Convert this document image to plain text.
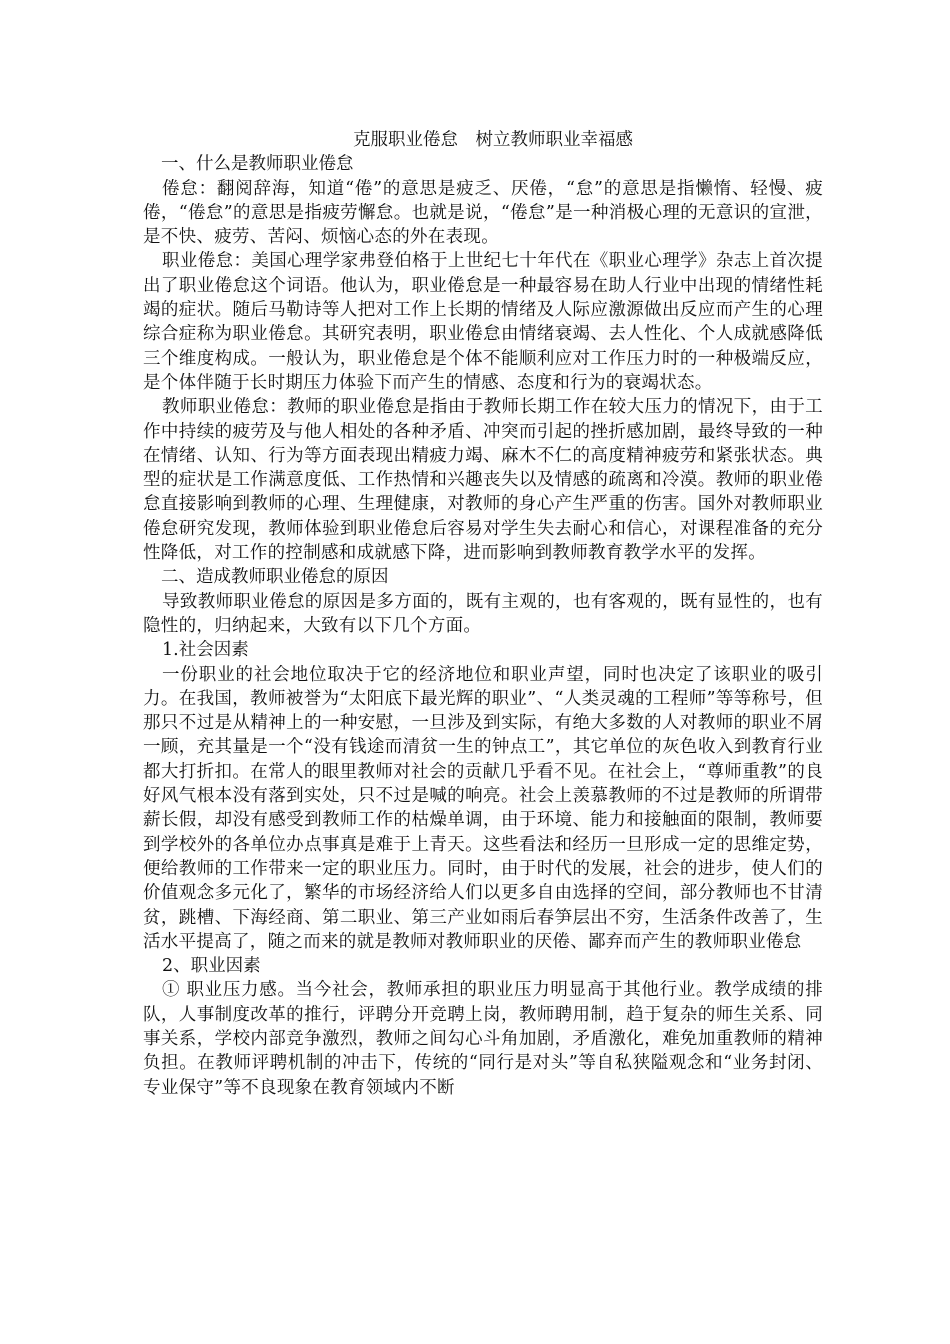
克服职业倦怠　树立教师职业幸福感

一、什么是教师职业倦怠

倦怠：翻阅辞海，知道“倦”的意思是疲乏、厌倦，“怠”的意思是指懒惰、轻慢、疲倦，“倦怠”的意思是指疲劳懈怠。也就是说，“倦怠”是一种消极心理的无意识的宣泄，是不快、疲劳、苦闷、烦恼心态的外在表现。

职业倦怠：美国心理学家弗登伯格于上世纪七十年代在《职业心理学》杂志上首次提出了职业倦怠这个词语。他认为，职业倦怠是一种最容易在助人行业中出现的情绪性耗竭的症状。随后马勒诗等人把对工作上长期的情绪及人际应激源做出反应而产生的心理综合症称为职业倦怠。其研究表明，职业倦怠由情绪衰竭、去人性化、个人成就感降低三个维度构成。一般认为，职业倦怠是个体不能顺利应对工作压力时的一种极端反应，是个体伴随于长时期压力体验下而产生的情感、态度和行为的衰竭状态。

教师职业倦怠：教师的职业倦怠是指由于教师长期工作在较大压力的情况下，由于工作中持续的疲劳及与他人相处的各种矛盾、冲突而引起的挫折感加剧，最终导致的一种在情绪、认知、行为等方面表现出精疲力竭、麻木不仁的高度精神疲劳和紧张状态。典型的症状是工作满意度低、工作热情和兴趣丧失以及情感的疏离和冷漠。教师的职业倦怠直接影响到教师的心理、生理健康，对教师的身心产生严重的伤害。国外对教师职业倦怠研究发现，教师体验到职业倦怠后容易对学生失去耐心和信心，对课程准备的充分性降低，对工作的控制感和成就感下降，进而影响到教师教育教学水平的发挥。

二、造成教师职业倦怠的原因

导致教师职业倦怠的原因是多方面的，既有主观的，也有客观的，既有显性的，也有隐性的，归纳起来，大致有以下几个方面。

1.社会因素

一份职业的社会地位取决于它的经济地位和职业声望，同时也决定了该职业的吸引力。在我国，教师被誉为“太阳底下最光辉的职业”、“人类灵魂的工程师”等等称号，但那只不过是从精神上的一种安慰，一旦涉及到实际，有绝大多数的人对教师的职业不屑一顾，充其量是一个“没有钱途而清贫一生的钟点工”，其它单位的灰色收入到教育行业都大打折扣。在常人的眼里教师对社会的贡献几乎看不见。在社会上，“尊师重教”的良好风气根本没有落到实处，只不过是喊的响亮。社会上羡慕教师的不过是教师的所谓带薪长假，却没有感受到教师工作的枯燥单调，由于环境、能力和接触面的限制，教师要到学校外的各单位办点事真是难于上青天。这些看法和经历一旦形成一定的思维定势，便给教师的工作带来一定的职业压力。同时，由于时代的发展，社会的进步，使人们的价值观念多元化了，繁华的市场经济给人们以更多自由选择的空间，部分教师也不甘清贫，跳槽、下海经商、第二职业、第三产业如雨后春笋层出不穷，生活条件改善了，生活水平提高了，随之而来的就是教师对教师职业的厌倦、鄙弃而产生的教师职业倦怠

2、职业因素

① 职业压力感。当今社会，教师承担的职业压力明显高于其他行业。教学成绩的排队，人事制度改革的推行，评聘分开竞聘上岗，教师聘用制，趋于复杂的师生关系、同事关系，学校内部竞争激烈，教师之间勾心斗角加剧，矛盾激化，难免加重教师的精神负担。在教师评聘机制的冲击下，传统的“同行是对头”等自私狭隘观念和“业务封闭、专业保守”等不良现象在教育领域内不断
